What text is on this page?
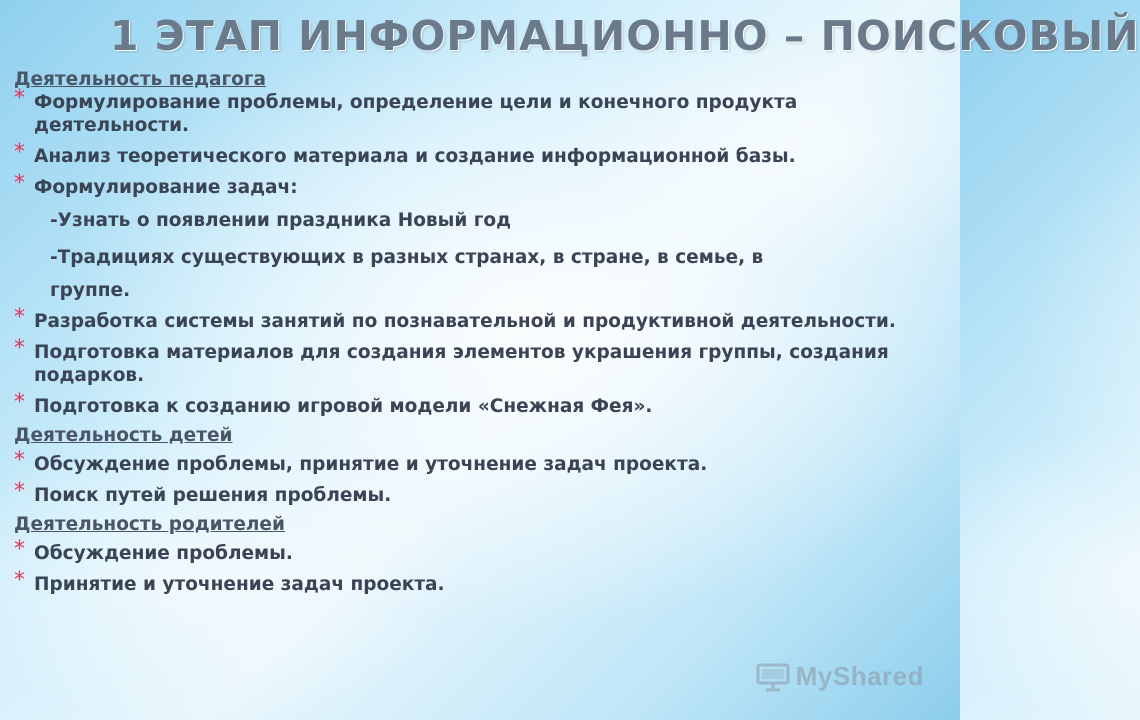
1 ЭТАП ИНФОРМАЦИОННО – ПОИСКОВЫЙ

Деятельность педагога

* Формулирование проблемы, определение цели и конечного продукта деятельности.

* Анализ теоретического материала и создание информационной базы.

* Формулирование задач:

-Узнать о появлении праздника Новый год

-Традициях существующих в разных странах, в стране, в семье, в

группе.

* Разработка системы занятий по познавательной и продуктивной деятельности.

* Подготовка материалов для создания элементов украшения группы, создания подарков.

* Подготовка к созданию игровой модели «Снежная Фея».

Деятельность детей

* Обсуждение проблемы, принятие и уточнение задач проекта.

* Поиск путей решения проблемы.

Деятельность родителей

* Обсуждение проблемы.

* Принятие и уточнение задач проекта.

MyShared
